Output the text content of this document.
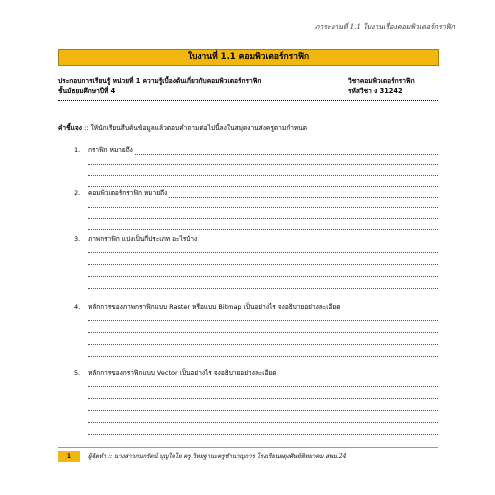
ภาระงานที่ 1.1 ใบงานเรื่องคอมพิวเตอร์กราฟิก
ใบงานที่ 1.1 คอมพิวเตอร์กราฟิก
ประกอบการเรียนรู้ หน่วยที่ 1 ความรู้เบื้องต้นเกี่ยวกับคอมพิวเตอร์กราฟิก	วิชาคอมพิวเตอร์กราฟิก
ชั้นมัธยมศึกษาปีที่ 4	รหัสวิชา ง 31242
คำชี้แจง :: ให้นักเรียนสืบค้นข้อมูลแล้วตอบคำถามต่อไปนี้ลงในสมุดงานส่งครูตามกำหนด
1.	กราฟิก หมายถึง
2.	คอมพิวเตอร์กราฟิก หมายถึง
3.	ภาพกราฟิก แบ่งเป็นกี่ประเภท อะไรบ้าง
4.	หลักการของภาพกราฟิกแบบ Raster หรือแบบ Bitmap เป็นอย่างไร จงอธิบายอย่างละเอียด
5.	หลักการของกราฟิกแบบ Vector เป็นอย่างไร จงอธิบายอย่างละเอียด
1	ผู้จัดทำ :: นางสาวกนกรัตน์ บุญใจโย ครู วิทยฐานะครูชำนาญการ โรงเรียนผดุงศิษย์พิทยาคม สพม.24
